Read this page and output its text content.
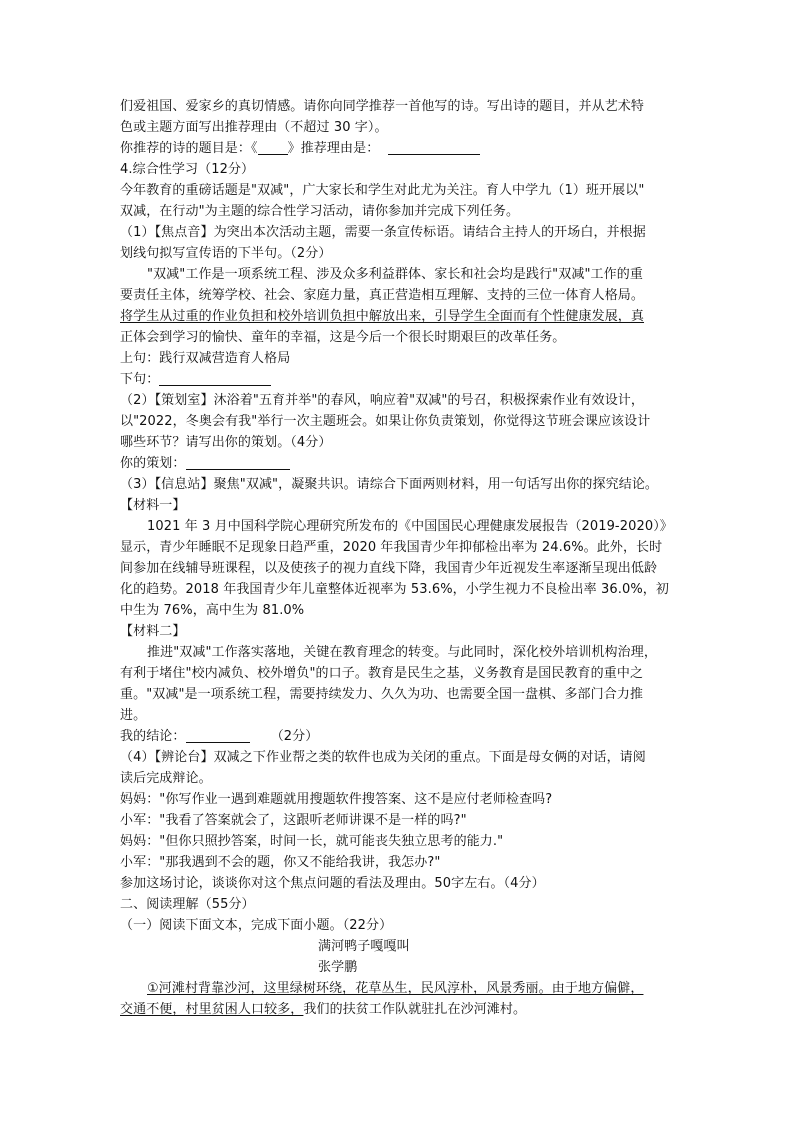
们爱祖国、爱家乡的真切情感。请你向同学推荐一首他写的诗。写出诗的题目，并从艺术特
色或主题方面写出推荐理由（不超过 30 字）。
你推荐的诗的题目是：《 》推荐理由是：
4.综合性学习（12分）
今年教育的重磅话题是"双减"，广大家长和学生对此尤为关注。育人中学九（1）班开展以"
双减，在行动"为主题的综合性学习活动，请你参加并完成下列任务。
（1）【焦点音】为突出本次活动主题，需要一条宣传标语。请结合主持人的开场白，并根据
划线句拟写宣传语的下半句。（2分）
"双减"工作是一项系统工程、涉及众多利益群体、家长和社会均是践行"双减"工作的重
要责任主体，统筹学校、社会、家庭力量，真正营造相互理解、支持的三位一体育人格局。
将学生从过重的作业负担和校外培训负担中解放出来，引导学生全面而有个性健康发展，真
正体会到学习的愉快、童年的幸福，这是今后一个很长时期艰巨的改革任务。
上句：践行双减营造育人格局
下句：
（2）【策划室】沐浴着"五育并举"的春风，响应着"双减"的号召，积极探索作业有效设计，
以"2022，冬奥会有我"举行一次主题班会。如果让你负责策划，你觉得这节班会课应该设计
哪些环节？请写出你的策划。（4分）
你的策划：
（3）【信息站】聚焦"双减"，凝聚共识。请综合下面两则材料，用一句话写出你的探究结论。
【材料一】
1021 年 3 月中国科学院心理研究所发布的《中国国民心理健康发展报告（2019-2020）》
显示，青少年睡眠不足现象日趋严重，2020 年我国青少年抑郁检出率为 24.6%。此外，长时
间参加在线辅导班课程，以及使孩子的视力直线下降，我国青少年近视发生率逐渐呈现出低龄
化的趋势。2018 年我国青少年儿童整体近视率为 53.6%，小学生视力不良检出率 36.0%，初
中生为 76%，高中生为 81.0%
【材料二】
推进"双减"工作落实落地，关键在教育理念的转变。与此同时，深化校外培训机构治理，
有利于堵住"校内减负、校外增负"的口子。教育是民生之基，义务教育是国民教育的重中之
重。"双减"是一项系统工程，需要持续发力、久久为功、也需要全国一盘棋、多部门合力推
进。
我的结论：	（2分）
（4）【辨论台】双减之下作业帮之类的软件也成为关闭的重点。下面是母女俩的对话，请阅
读后完成辩论。
妈妈："你写作业一遇到难题就用搜题软件搜答案、这不是应付老师检查吗?
小军："我看了答案就会了，这跟听老师讲课不是一样的吗?"
妈妈："但你只照抄答案，时间一长，就可能丧失独立思考的能力."
小军："那我遇到不会的题，你又不能给我讲，我怎办?"
参加这场讨论，谈谈你对这个焦点问题的看法及理由。50字左右。（4分）
二、阅读理解（55分）
（一）阅读下面文本，完成下面小题。（22分）
满河鸭子嘎嘎叫
张学鹏
①河滩村背靠沙河，这里绿树环绕，花草丛生，民风淳朴，风景秀丽。由于地方偏僻，
交通不便，村里贫困人口较多，我们的扶贫工作队就驻扎在沙河滩村。
